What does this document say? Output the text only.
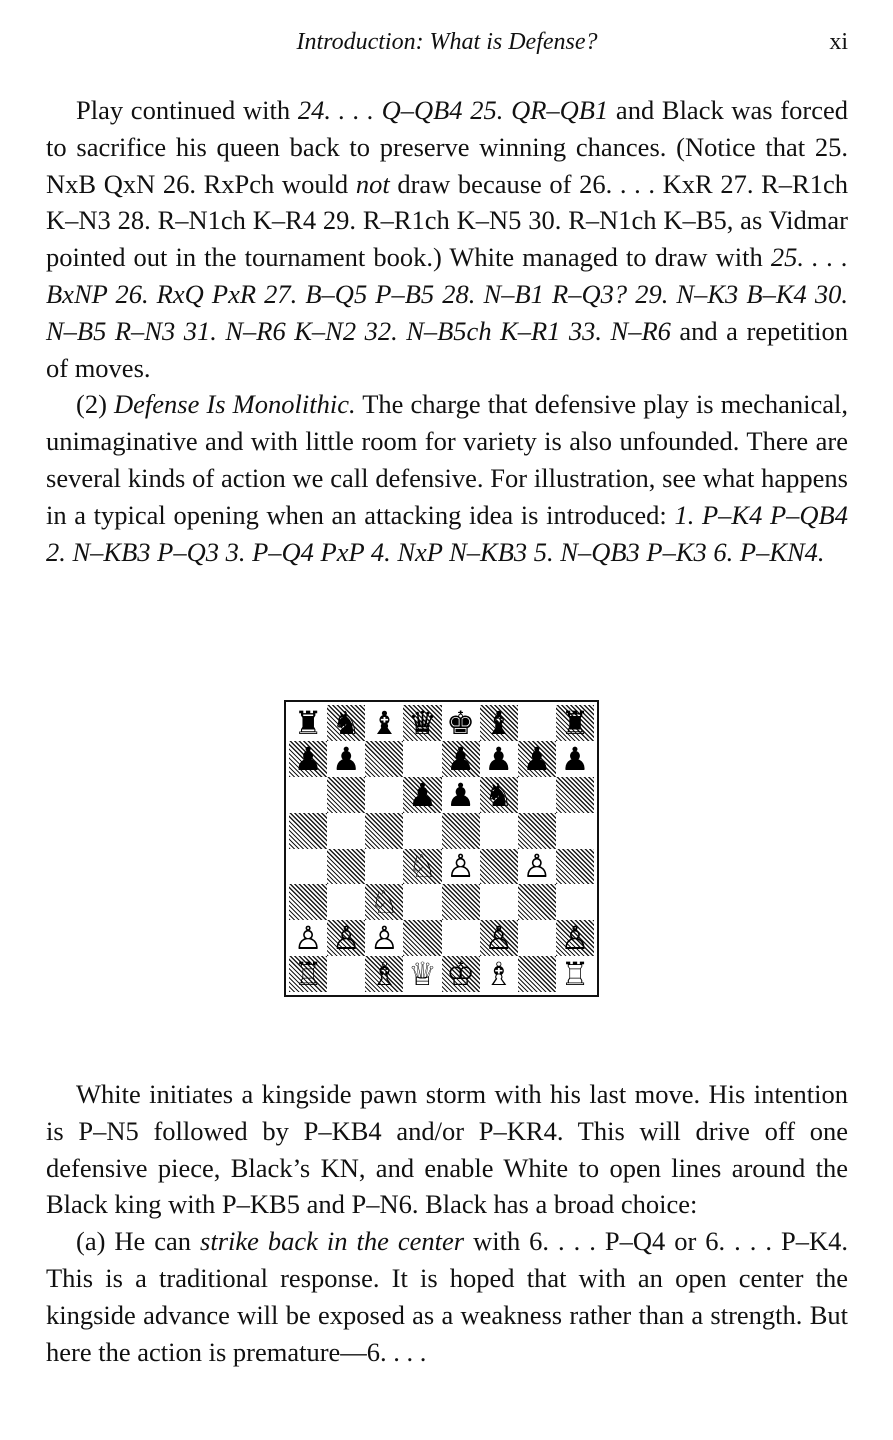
Introduction: What is Defense?	xi

Play continued with 24. . . . Q–QB4 25. QR–QB1 and Black was forced to sacrifice his queen back to preserve winning chances. (Notice that 25. NxB QxN 26. RxPch would not draw because of 26. . . . KxR 27. R–R1ch K–N3 28. R–N1ch K–R4 29. R–R1ch K–N5 30. R–N1ch K–B5, as Vidmar pointed out in the tournament book.) White managed to draw with 25. . . . BxNP 26. RxQ PxR 27. B–Q5 P–B5 28. N–B1 R–Q3? 29. N–K3 B–K4 30. N–B5 R–N3 31. N–R6 K–N2 32. N–B5ch K–R1 33. N–R6 and a repetition of moves.

(2) Defense Is Monolithic. The charge that defensive play is mechanical, unimaginative and with little room for variety is also unfounded. There are several kinds of action we call defensive. For illustration, see what happens in a typical opening when an attacking idea is introduced: 1. P–K4 P–QB4 2. N–KB3 P–Q3 3. P–Q4 PxP 4. NxP N–KB3 5. N–QB3 P–K3 6. P–KN4.

♜ ♞ ♝ ♛ ♚ ♝ ♜
♟ ♟	♟ ♟ ♟ ♟
♟ ♟ ♞
♘ ♙ ♙
♘
♙ ♙ ♙	♙ ♙
♖ ♗ ♕ ♔ ♗ ♖

White initiates a kingside pawn storm with his last move. His intention is P–N5 followed by P–KB4 and/or P–KR4. This will drive off one defensive piece, Black’s KN, and enable White to open lines around the Black king with P–KB5 and P–N6. Black has a broad choice:

(a) He can strike back in the center with 6. . . . P–Q4 or 6. . . . P–K4. This is a traditional response. It is hoped that with an open center the kingside advance will be exposed as a weakness rather than a strength. But here the action is premature—6. . . .
